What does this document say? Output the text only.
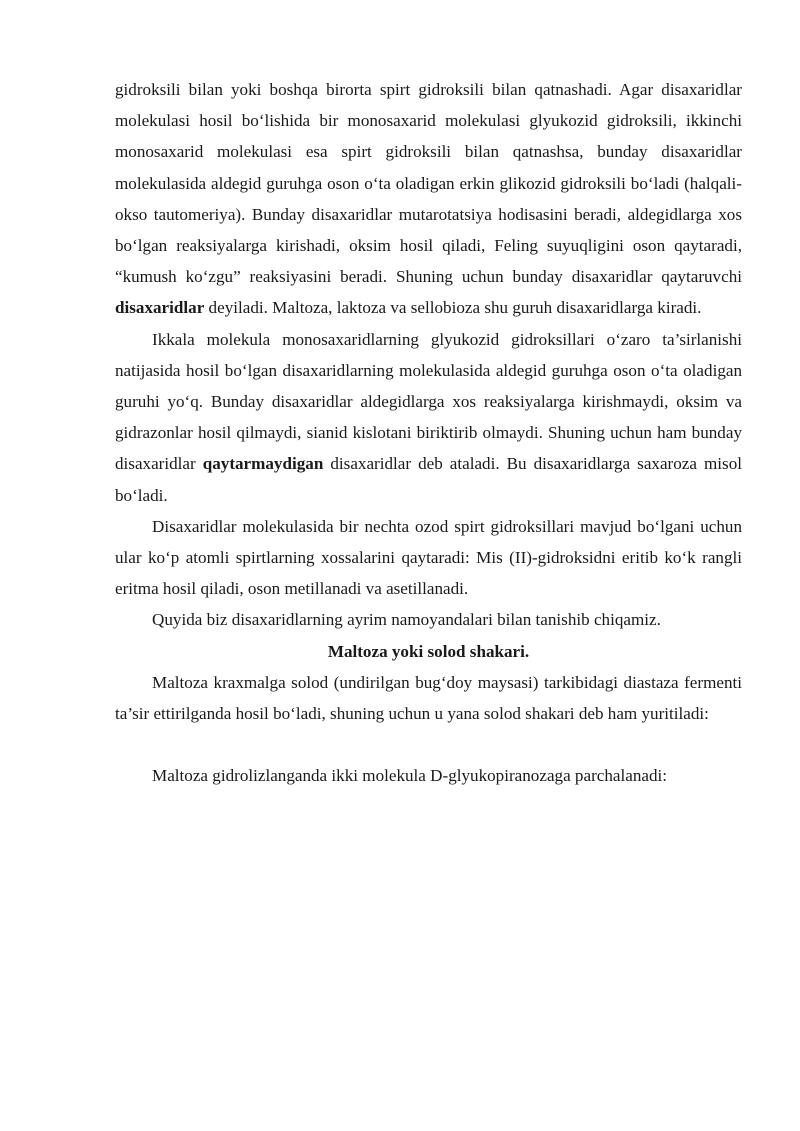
gidroksili bilan yoki boshqa birorta spirt gidroksili bilan qatnashadi. Agar disaxaridlar molekulasi hosil bo‘lishida bir monosaxarid molekulasi glyukozid gidroksili, ikkinchi monosaxarid molekulasi esa spirt gidroksili bilan qatnashsa, bunday disaxaridlar molekulasida aldegid guruhga oson o‘ta oladigan erkin glikozid gidroksili bo‘ladi (halqali-okso tautomeriya). Bunday disaxaridlar mutarotatsiya hodisasini beradi, aldegidlarga xos bo‘lgan reaksiyalarga kirishadi, oksim hosil qiladi, Feling suyuqligini oson qaytaradi, “kumush ko‘zgu” reaksiyasini beradi. Shuning uchun bunday disaxaridlar qaytaruvchi disaxaridlar deyiladi. Maltoza, laktoza va sellobioza shu guruh disaxaridlarga kiradi.

Ikkala molekula monosaxaridlarning glyukozid gidroksillari o‘zaro ta’sirlanishi natijasida hosil bo‘lgan disaxaridlarning molekulasida aldegid guruhga oson o‘ta oladigan guruhi yo‘q. Bunday disaxaridlar aldegidlarga xos reaksiyalarga kirishmaydi, oksim va gidrazonlar hosil qilmaydi, sianid kislotani biriktirib olmaydi. Shuning uchun ham bunday disaxaridlar qaytarmaydigan disaxaridlar deb ataladi. Bu disaxaridlarga saxaroza misol bo‘ladi.

Disaxaridlar molekulasida bir nechta ozod spirt gidroksillari mavjud bo‘lgani uchun ular ko‘p atomli spirtlarning xossalarini qaytaradi: Mis (II)-gidroksidni eritib ko‘k rangli eritma hosil qiladi, oson metillanadi va asetillanadi.

Quyida biz disaxaridlarning ayrim namoyandalari bilan tanishib chiqamiz.

Maltoza yoki solod shakari.

Maltoza kraxmalga solod (undirilgan bug‘doy maysasi) tarkibidagi diastaza fermenti ta’sir ettirilganda hosil bo‘ladi, shuning uchun u yana solod shakari deb ham yuritiladi:

Maltoza gidrolizlanganda ikki molekula D-glyukopiranozaga parchalanadi:
